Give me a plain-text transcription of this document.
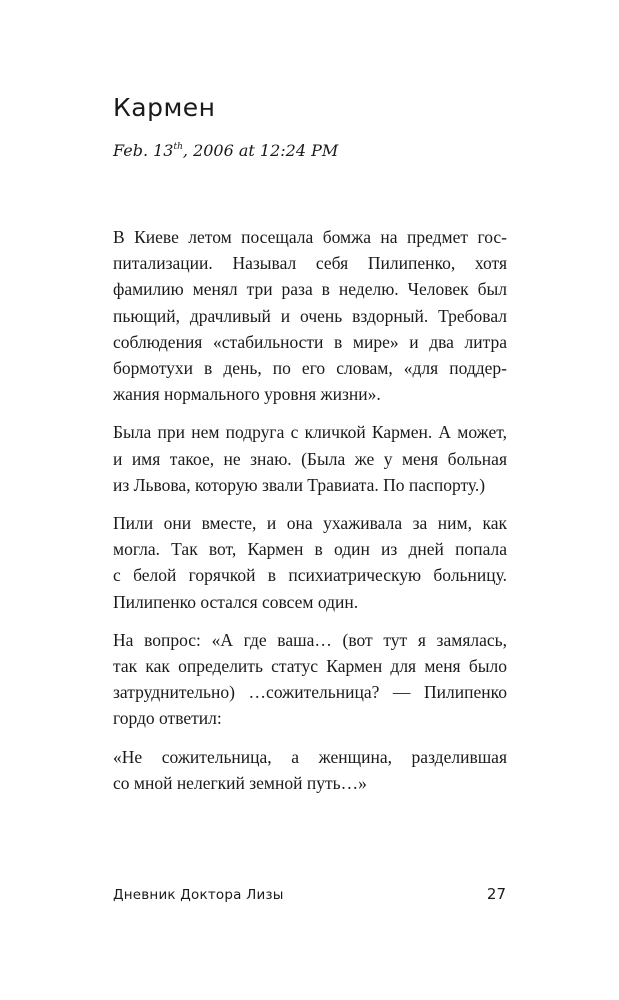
Кармен
Feb. 13th, 2006 at 12:24 PM

В Киеве летом посещала бомжа на предмет гос-
питализации. Называл себя Пилипенко, хотя
фамилию менял три раза в неделю. Человек был
пьющий, драчливый и очень вздорный. Требовал
соблюдения «стабильности в мире» и два литра
бормотухи в день, по его словам, «для поддер-
жания нормального уровня жизни».

Была при нем подруга с кличкой Кармен. А может,
и имя такое, не знаю. (Была же у меня больная
из Львова, которую звали Травиата. По паспорту.)

Пили они вместе, и она ухаживала за ним, как
могла. Так вот, Кармен в один из дней попала
с белой горячкой в психиатрическую больницу.
Пилипенко остался совсем один.

На вопрос: «А где ваша… (вот тут я замялась,
так как определить статус Кармен для меня было
затруднительно) …сожительница? — Пилипенко
гордо ответил:

«Не сожительница, а женщина, разделившая
со мной нелегкий земной путь…»

Дневник Доктора Лизы	27
